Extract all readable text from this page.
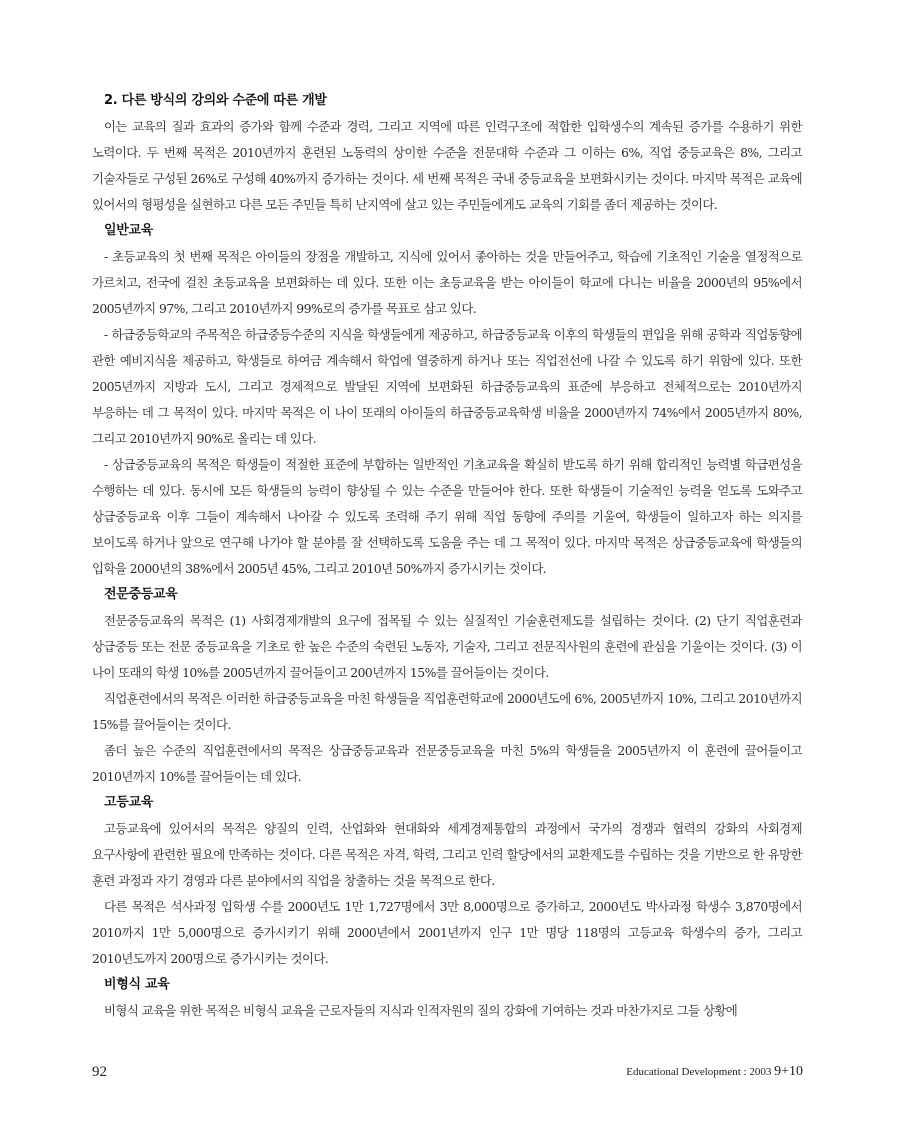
2. 다른 방식의 강의와 수준에 따른 개발

이는 교육의 질과 효과의 증가와 함께 수준과 경력, 그리고 지역에 따른 인력구조에 적합한 입학생수의 계속된 증가를 수용하기 위한 노력이다. 두 번째 목적은 2010년까지 훈련된 노동력의 상이한 수준을 전문대학 수준과 그 이하는 6%, 직업 중등교육은 8%, 그리고 기술자들로 구성된 26%로 구성해 40%까지 증가하는 것이다. 세 번째 목적은 국내 중등교육을 보편화시키는 것이다. 마지막 목적은 교육에 있어서의 형평성을 실현하고 다른 모든 주민들 특히 난지역에 살고 있는 주민들에게도 교육의 기회를 좀더 제공하는 것이다.

일반교육

- 초등교육의 첫 번째 목적은 아이들의 장점을 개발하고, 지식에 있어서 좋아하는 것을 만들어주고, 학습에 기초적인 기술을 열정적으로 가르치고, 전국에 걸친 초등교육을 보편화하는 데 있다. 또한 이는 초등교육을 받는 아이들이 학교에 다니는 비율을 2000년의 95%에서 2005년까지 97%, 그리고 2010년까지 99%로의 증가를 목표로 삼고 있다.

- 하급중등학교의 주목적은 하급중등수준의 지식을 학생들에게 제공하고, 하급중등교육 이후의 학생들의 편입을 위해 공학과 직업동향에 관한 예비지식을 제공하고, 학생들로 하여금 계속해서 학업에 열중하게 하거나 또는 직업전선에 나갈 수 있도록 하기 위함에 있다. 또한 2005년까지 지방과 도시, 그리고 경제적으로 발달된 지역에 보편화된 하급중등교육의 표준에 부응하고 전체적으로는 2010년까지 부응하는 데 그 목적이 있다. 마지막 목적은 이 나이 또래의 아이들의 하급중등교육학생 비율을 2000년까지 74%에서 2005년까지 80%, 그리고 2010년까지 90%로 올리는 데 있다.

- 상급중등교육의 목적은 학생들이 적절한 표준에 부합하는 일반적인 기초교육을 확실히 받도록 하기 위해 합리적인 능력별 학급편성을 수행하는 데 있다. 동시에 모든 학생들의 능력이 향상될 수 있는 수준을 만들어야 한다. 또한 학생들이 기술적인 능력을 얻도록 도와주고 상급중등교육 이후 그들이 계속해서 나아갈 수 있도록 조력해 주기 위해 직업 동향에 주의를 기울여, 학생들이 일하고자 하는 의지를 보이도록 하거나 앞으로 연구해 나가야 할 분야를 잘 선택하도록 도움을 주는 데 그 목적이 있다. 마지막 목적은 상급중등교육에 학생들의 입학을 2000년의 38%에서 2005년 45%, 그리고 2010년 50%까지 증가시키는 것이다.

전문중등교육

전문중등교육의 목적은 (1) 사회경제개발의 요구에 접목될 수 있는 실질적인 기술훈련제도를 설립하는 것이다. (2) 단기 직업훈련과 상급중등 또는 전문 중등교육을 기초로 한 높은 수준의 숙련된 노동자, 기술자, 그리고 전문직사원의 훈련에 관심을 기울이는 것이다. (3) 이 나이 또래의 학생 10%를 2005년까지 끌어들이고 200년까지 15%를 끌어들이는 것이다.

직업훈련에서의 목적은 이러한 하급중등교육을 마친 학생들을 직업훈련학교에 2000년도에 6%, 2005년까지 10%, 그리고 2010년까지 15%를 끌어들이는 것이다.

좀더 높은 수준의 직업훈련에서의 목적은 상급중등교육과 전문중등교육을 마친 5%의 학생들을 2005년까지 이 훈련에 끌어들이고 2010년까지 10%를 끌어들이는 데 있다.

고등교육

고등교육에 있어서의 목적은 양질의 인력, 산업화와 현대화와 세계경제통합의 과정에서 국가의 경쟁과 협력의 강화의 사회경제 요구사항에 관련한 필요에 만족하는 것이다. 다른 목적은 자격, 학력, 그리고 인력 할당에서의 교환제도를 수립하는 것을 기반으로 한 유망한 훈련 과정과 자기 경영과 다른 분야에서의 직업을 창출하는 것을 목적으로 한다.

다른 목적은 석사과정 입학생 수를 2000년도 1만 1,727명에서 3만 8,000명으로 증가하고, 2000년도 박사과정 학생수 3,870명에서 2010까지 1만 5,000명으로 증가시키기 위해 2000년에서 2001년까지 인구 1만 명당 118명의 고등교육 학생수의 증가, 그리고 2010년도까지 200명으로 증가시키는 것이다.

비형식 교육

비형식 교육을 위한 목적은 비형식 교육을 근로자들의 지식과 인적자원의 질의 강화에 기여하는 것과 마찬가지로 그들 상황에

92	Educational Development : 2003 9+10
